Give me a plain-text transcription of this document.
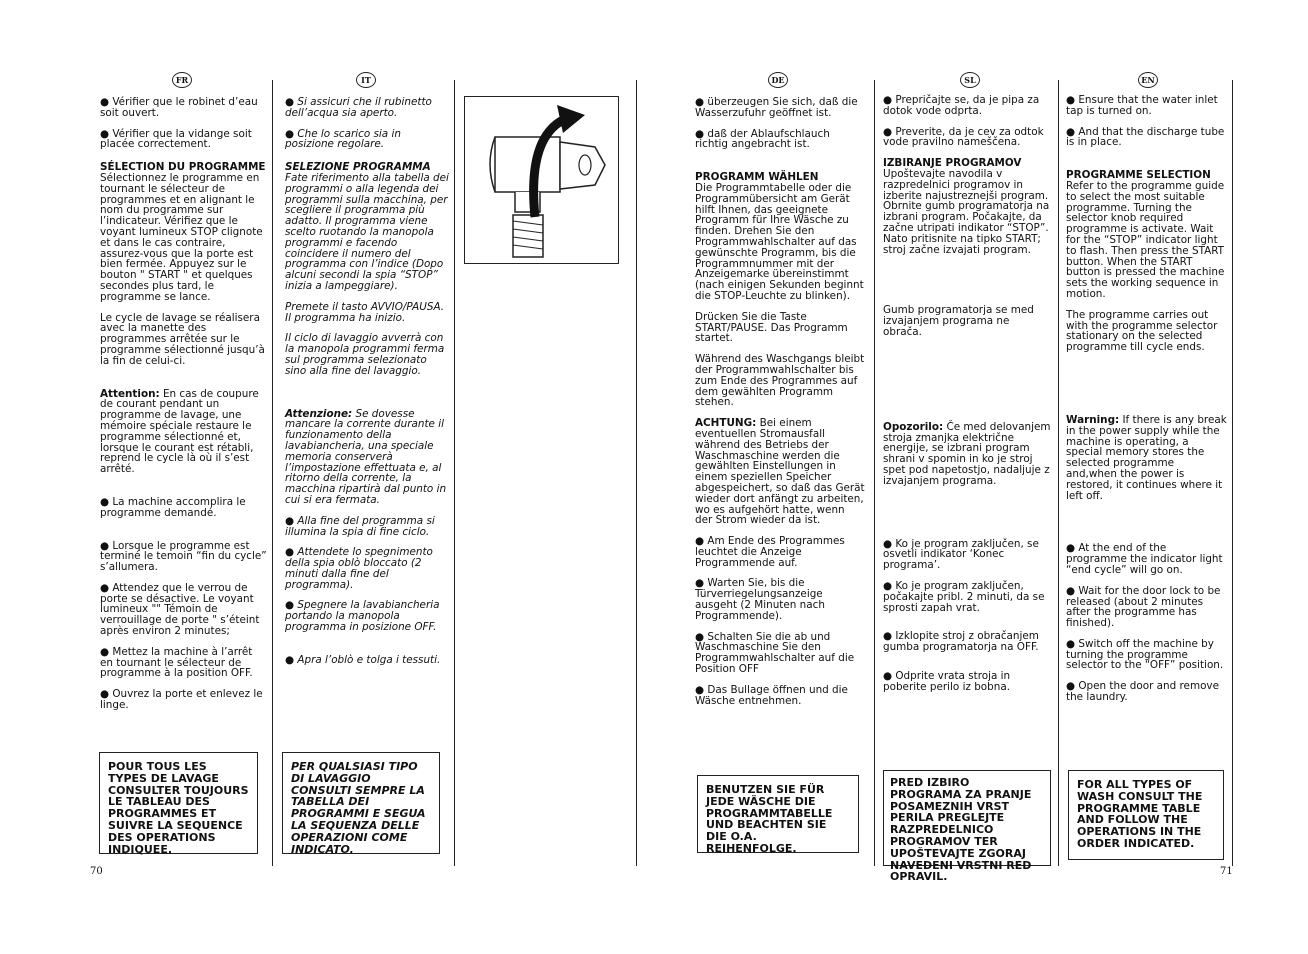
FR	IT	DE	SL	EN

● Vérifier que le robinet d’eau soit ouvert.

● Vérifier que la vidange soit placée correctement.

SÉLECTION DU PROGRAMME
Sélectionnez le programme en tournant le sélecteur de programmes et en alignant le nom du programme sur l’indicateur. Vérifiez que le voyant lumineux STOP clignote et dans le cas contraire, assurez-vous que la porte est bien fermée. Appuyez sur le bouton " START " et quelques secondes plus tard, le programme se lance.

Le cycle de lavage se réalisera avec la manette des programmes arrêtée sur le programme sélectionné jusqu’à la fin de celui-ci.

Attention: En cas de coupure de courant pendant un programme de lavage, une mémoire spéciale restaure le programme sélectionné et, lorsque le courant est rétabli, reprend le cycle là où il s’est arrêté.

● La machine accomplira le programme demandé.

● Lorsque le programme est terminé le temoin “fin du cycle” s’allumera.

● Attendez que le verrou de porte se désactive. Le voyant lumineux "" Témoin de verrouillage de porte " s’éteint après environ 2 minutes;

● Mettez la machine à l’arrêt en tournant le sélecteur de programme à la position OFF.

● Ouvrez la porte et enlevez le linge.

POUR TOUS LES TYPES DE LAVAGE CONSULTER TOUJOURS LE TABLEAU DES PROGRAMMES ET SUIVRE LA SEQUENCE DES OPERATIONS INDIQUEE.

● Si assicuri che il rubinetto dell’acqua sia aperto.

● Che lo scarico sia in posizione regolare.

SELEZIONE PROGRAMMA
Fate riferimento alla tabella dei programmi o alla legenda dei programmi sulla macchina, per scegliere il programma più adatto. Il programma viene scelto ruotando la manopola programmi e facendo coincidere il numero del programma con l’indice (Dopo alcuni secondi la spia “STOP” inizia a lampeggiare).

Premete il tasto AVVIO/PAUSA. Il programma ha inizio.

Il ciclo di lavaggio avverrà con la manopola programmi ferma sul programma selezionato sino alla fine del lavaggio.

Attenzione: Se dovesse mancare la corrente durante il funzionamento della lavabiancheria, una speciale memoria conserverà l’impostazione effettuata e, al ritorno della corrente, la macchina ripartirà dal punto in cui si era fermata.

● Alla fine del programma si illumina la spia di fine ciclo.

● Attendete lo spegnimento della spia oblò bloccato (2 minuti dalla fine del programma).

● Spegnere la lavabiancheria portando la manopola programma in posizione OFF.

● Apra l’oblò e tolga i tessuti.

PER QUALSIASI TIPO DI LAVAGGIO CONSULTI SEMPRE LA TABELLA DEI PROGRAMMI E SEGUA LA SEQUENZA DELLE OPERAZIONI COME INDICATO.

● überzeugen Sie sich, daß die Wasserzufuhr geöffnet ist.

● daß der Ablaufschlauch richtig angebracht ist.

PROGRAMM WÄHLEN
Die Programmtabelle oder die Programmübersicht am Gerät hilft Ihnen, das geeignete Programm für Ihre Wäsche zu finden. Drehen Sie den Programmwahlschalter auf das gewünschte Programm, bis die Programmnummer mit der Anzeigemarke übereinstimmt (nach einigen Sekunden beginnt die STOP-Leuchte zu blinken).

Drücken Sie die Taste START/PAUSE. Das Programm startet.

Während des Waschgangs bleibt der Programmwahlschalter bis zum Ende des Programmes auf dem gewählten Programm stehen.

ACHTUNG: Bei einem eventuellen Stromausfall während des Betriebs der Waschmaschine werden die gewählten Einstellungen in einem speziellen Speicher abgespeichert, so daß das Gerät wieder dort anfängt zu arbeiten, wo es aufgehört hatte, wenn der Strom wieder da ist.

● Am Ende des Programmes leuchtet die Anzeige Programmende auf.

● Warten Sie, bis die Türverriegelungsanzeige ausgeht (2 Minuten nach Programmende).

● Schalten Sie die ab und Waschmaschine Sie den Programmwahlschalter auf die Position OFF

● Das Bullage öffnen und die Wäsche entnehmen.

BENUTZEN SIE FÜR JEDE WÄSCHE DIE PROGRAMMTABELLE UND BEACHTEN SIE DIE O.A. REIHENFOLGE.

● Prepričajte se, da je pipa za dotok vode odprta.

● Preverite, da je cev za odtok vode pravilno nameščena.

IZBIRANJE PROGRAMOV
Upoštevajte navodila v razpredelnici programov in izberite najustreznejši program. Obrnite gumb programatorja na izbrani program. Počakajte, da začne utripati indikator “STOP”. Nato pritisnite na tipko START; stroj začne izvajati program.

Gumb programatorja se med izvajanjem programa ne obrača.

Opozorilo: Če med delovanjem stroja zmanjka električne energije, se izbrani program shrani v spomin in ko je stroj spet pod napetostjo, nadaljuje z izvajanjem programa.

● Ko je program zaključen, se osvetli indikator ‘Konec programa’.

● Ko je program zaključen, počakajte pribl. 2 minuti, da se sprosti zapah vrat.

● Izklopite stroj z obračanjem gumba programatorja na OFF.

● Odprite vrata stroja in poberite perilo iz bobna.

PRED IZBIRO PROGRAMA ZA PRANJE POSAMEZNIH VRST PERILA PREGLEJTE RAZPREDELNICO PROGRAMOV TER UPOŠTEVAJTE ZGORAJ NAVEDENI VRSTNI RED OPRAVIL.

● Ensure that the water inlet tap is turned on.

● And that the discharge tube is in place.

PROGRAMME SELECTION
Refer to the programme guide to select the most suitable programme. Turning the selector knob required programme is activate. Wait for the “STOP” indicator light to flash. Then press the START button. When the START button is pressed the machine sets the working sequence in motion.

The programme carries out with the programme selector stationary on the selected programme till cycle ends.

Warning: If there is any break in the power supply while the machine is operating, a special memory stores the selected programme and,when the power is restored, it continues where it left off.

● At the end of the programme the indicator light “end cycle” will go on.

● Wait for the door lock to be released (about 2 minutes after the programme has finished).

● Switch off the machine by turning the programme selector to the “OFF” position.

● Open the door and remove the laundry.

FOR ALL TYPES OF WASH CONSULT THE PROGRAMME TABLE AND FOLLOW THE OPERATIONS IN THE ORDER INDICATED.
70	71
